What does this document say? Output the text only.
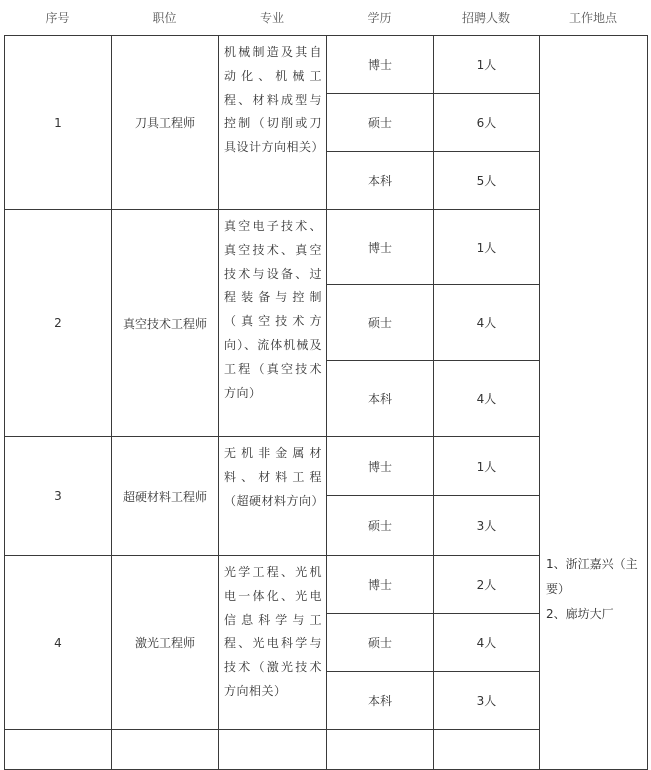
序号	职位	专业	学历	招聘人数	工作地点
1	刀具工程师	机械制造及其自动化、机械工程、材料成型与控制（切削或刀具设计方向相关）	博士	1人	1、浙江嘉兴（主要）
2、廊坊大厂

			硕士	6人	
			本科	5人	
2	真空技术工程师	真空电子技术、真空技术、真空技术与设备、过程装备与控制（真空技术方向）、流体机械及工程（真空技术方向）	博士	1人	
			硕士	4人	
			本科	4人	
3	超硬材料工程师	无机非金属材料、材料工程（超硬材料方向）	博士	1人	
			硕士	3人	
4	激光工程师	光学工程、光机电一体化、光电信息科学与工程、光电科学与技术（激光技术方向相关）	博士	2人	
			硕士	4人	
			本科	3人	
